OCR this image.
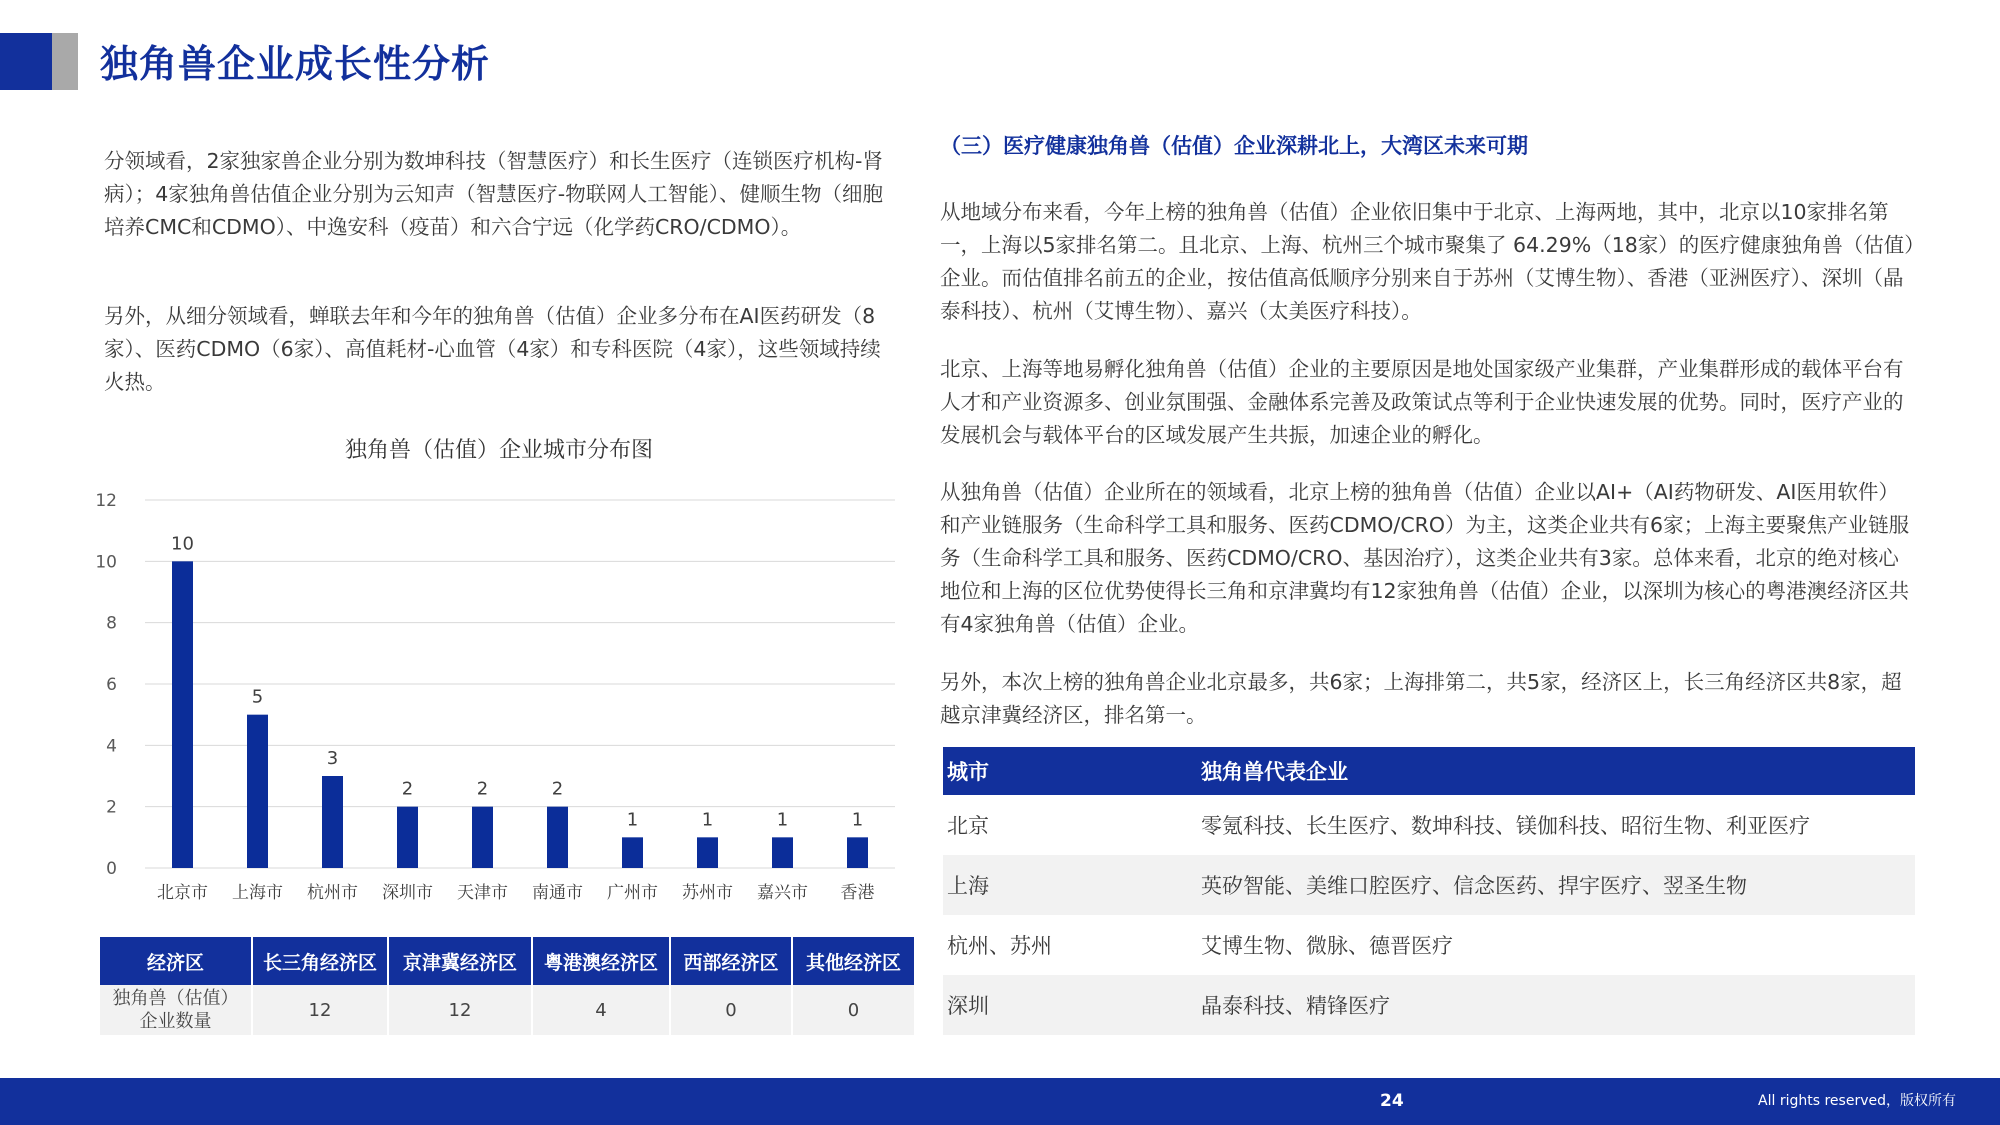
独角兽企业成长性分析

分领域看，2家独家兽企业分别为数坤科技（智慧医疗）和长生医疗（连锁医疗机构-肾病）；4家独角兽估值企业分别为云知声（智慧医疗-物联网人工智能）、健顺生物（细胞培养CMC和CDMO）、中逸安科（疫苗）和六合宁远（化学药CRO/CDMO）。

另外，从细分领域看，蝉联去年和今年的独角兽（估值）企业多分布在AI医药研发（8家）、医药CDMO（6家）、高值耗材-心血管（4家）和专科医院（4家），这些领域持续火热。

独角兽（估值）企业城市分布图
0
2
4
6
8
10
12
10
北京市
5
上海市
3
杭州市
2
深圳市
2
天津市
2
南通市
1
广州市
1
苏州市
1
嘉兴市
1
香港
经济区	长三角经济区	京津冀经济区	粤港澳经济区	西部经济区	其他经济区
独角兽（估值）
企业数量	12	12	4	0	0
（三）医疗健康独角兽（估值）企业深耕北上，大湾区未来可期

从地域分布来看，今年上榜的独角兽（估值）企业依旧集中于北京、上海两地，其中，北京以10家排名第一，上海以5家排名第二。且北京、上海、杭州三个城市聚集了 64.29%（18家）的医疗健康独角兽（估值）企业。而估值排名前五的企业，按估值高低顺序分别来自于苏州（艾博生物）、香港（亚洲医疗）、深圳（晶泰科技）、杭州（艾博生物）、嘉兴（太美医疗科技）。

北京、上海等地易孵化独角兽（估值）企业的主要原因是地处国家级产业集群，产业集群形成的载体平台有人才和产业资源多、创业氛围强、金融体系完善及政策试点等利于企业快速发展的优势。同时，医疗产业的发展机会与载体平台的区域发展产生共振，加速企业的孵化。

从独角兽（估值）企业所在的领域看，北京上榜的独角兽（估值）企业以AI+（AI药物研发、AI医用软件）和产业链服务（生命科学工具和服务、医药CDMO/CRO）为主，这类企业共有6家；上海主要聚焦产业链服务（生命科学工具和服务、医药CDMO/CRO、基因治疗），这类企业共有3家。总体来看，北京的绝对核心地位和上海的区位优势使得长三角和京津冀均有12家独角兽（估值）企业，以深圳为核心的粤港澳经济区共有4家独角兽（估值）企业。

另外，本次上榜的独角兽企业北京最多，共6家；上海排第二，共5家，经济区上，长三角经济区共8家，超越京津冀经济区，排名第一。

城市	独角兽代表企业
北京	零氪科技、长生医疗、数坤科技、镁伽科技、昭衍生物、利亚医疗
上海	英矽智能、美维口腔医疗、信念医药、捍宇医疗、翌圣生物
杭州、苏州	艾博生物、微脉、德晋医疗
深圳	晶泰科技、精锋医疗
24	All rights reserved，版权所有
